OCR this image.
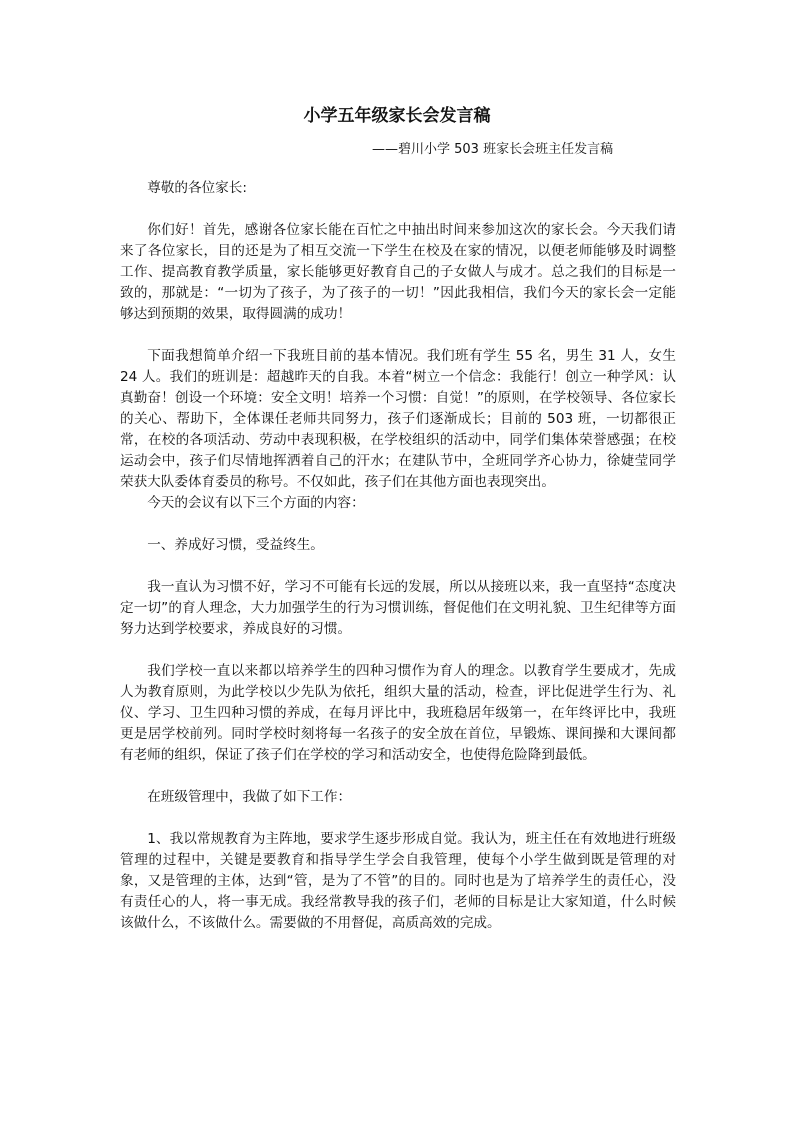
小学五年级家长会发言稿
——碧川小学 503 班家长会班主任发言稿

尊敬的各位家长:

你们好！首先，感谢各位家长能在百忙之中抽出时间来参加这次的家长会。今天我们请来了各位家长，目的还是为了相互交流一下学生在校及在家的情况，以便老师能够及时调整工作、提高教育教学质量，家长能够更好教育自己的子女做人与成才。总之我们的目标是一致的，那就是：“一切为了孩子，为了孩子的一切！”因此我相信，我们今天的家长会一定能够达到预期的效果，取得圆满的成功！

下面我想简单介绍一下我班目前的基本情况。我们班有学生 55 名，男生 31 人，女生 24 人。我们的班训是：超越昨天的自我。本着“树立一个信念：我能行！创立一种学风：认真勤奋！创设一个环境：安全文明！培养一个习惯：自觉！”的原则，在学校领导、各位家长的关心、帮助下，全体课任老师共同努力，孩子们逐渐成长；目前的 503 班，一切都很正常，在校的各项活动、劳动中表现积极，在学校组织的活动中，同学们集体荣誉感强；在校运动会中，孩子们尽情地挥洒着自己的汗水；在建队节中，全班同学齐心协力，徐婕莹同学荣获大队委体育委员的称号。不仅如此，孩子们在其他方面也表现突出。

今天的会议有以下三个方面的内容：

一、养成好习惯，受益终生。

我一直认为习惯不好，学习不可能有长远的发展，所以从接班以来，我一直坚持“态度决定一切”的育人理念，大力加强学生的行为习惯训练，督促他们在文明礼貌、卫生纪律等方面努力达到学校要求，养成良好的习惯。

我们学校一直以来都以培养学生的四种习惯作为育人的理念。以教育学生要成才，先成人为教育原则，为此学校以少先队为依托，组织大量的活动，检查，评比促进学生行为、礼仪、学习、卫生四种习惯的养成，在每月评比中，我班稳居年级第一，在年终评比中，我班更是居学校前列。同时学校时刻将每一名孩子的安全放在首位，早锻炼、课间操和大课间都有老师的组织，保证了孩子们在学校的学习和活动安全，也使得危险降到最低。

在班级管理中，我做了如下工作：

1、我以常规教育为主阵地，要求学生逐步形成自觉。我认为，班主任在有效地进行班级管理的过程中，关键是要教育和指导学生学会自我管理，使每个小学生做到既是管理的对象，又是管理的主体，达到“管，是为了不管”的目的。同时也是为了培养学生的责任心，没有责任心的人，将一事无成。我经常教导我的孩子们，老师的目标是让大家知道，什么时候该做什么，不该做什么。需要做的不用督促，高质高效的完成。
